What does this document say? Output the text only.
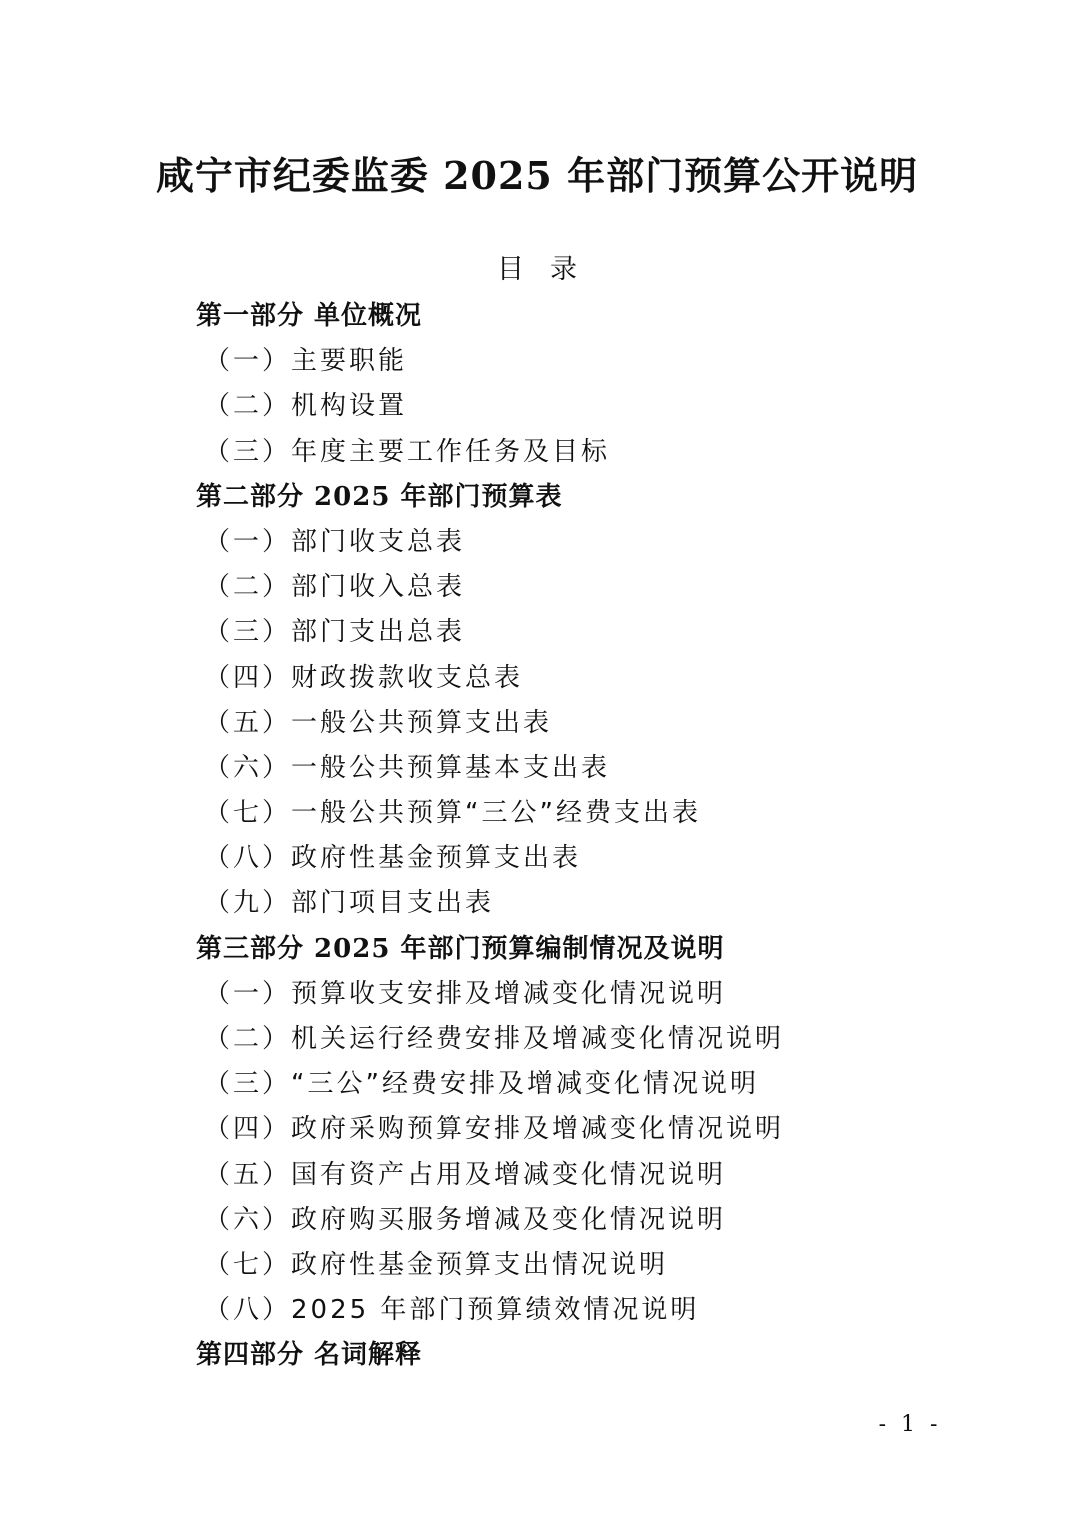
咸宁市纪委监委 2025 年部门预算公开说明
目录
第一部分 单位概况
（一）主要职能
（二）机构设置
（三）年度主要工作任务及目标
第二部分 2025 年部门预算表
（一）部门收支总表
（二）部门收入总表
（三）部门支出总表
（四）财政拨款收支总表
（五）一般公共预算支出表
（六）一般公共预算基本支出表
（七）一般公共预算“三公”经费支出表
（八）政府性基金预算支出表
（九）部门项目支出表
第三部分 2025 年部门预算编制情况及说明
（一）预算收支安排及增减变化情况说明
（二）机关运行经费安排及增减变化情况说明
（三）“三公”经费安排及增减变化情况说明
（四）政府采购预算安排及增减变化情况说明
（五）国有资产占用及增减变化情况说明
（六）政府购买服务增减及变化情况说明
（七）政府性基金预算支出情况说明
（八）2025 年部门预算绩效情况说明
第四部分 名词解释
- 1 -
